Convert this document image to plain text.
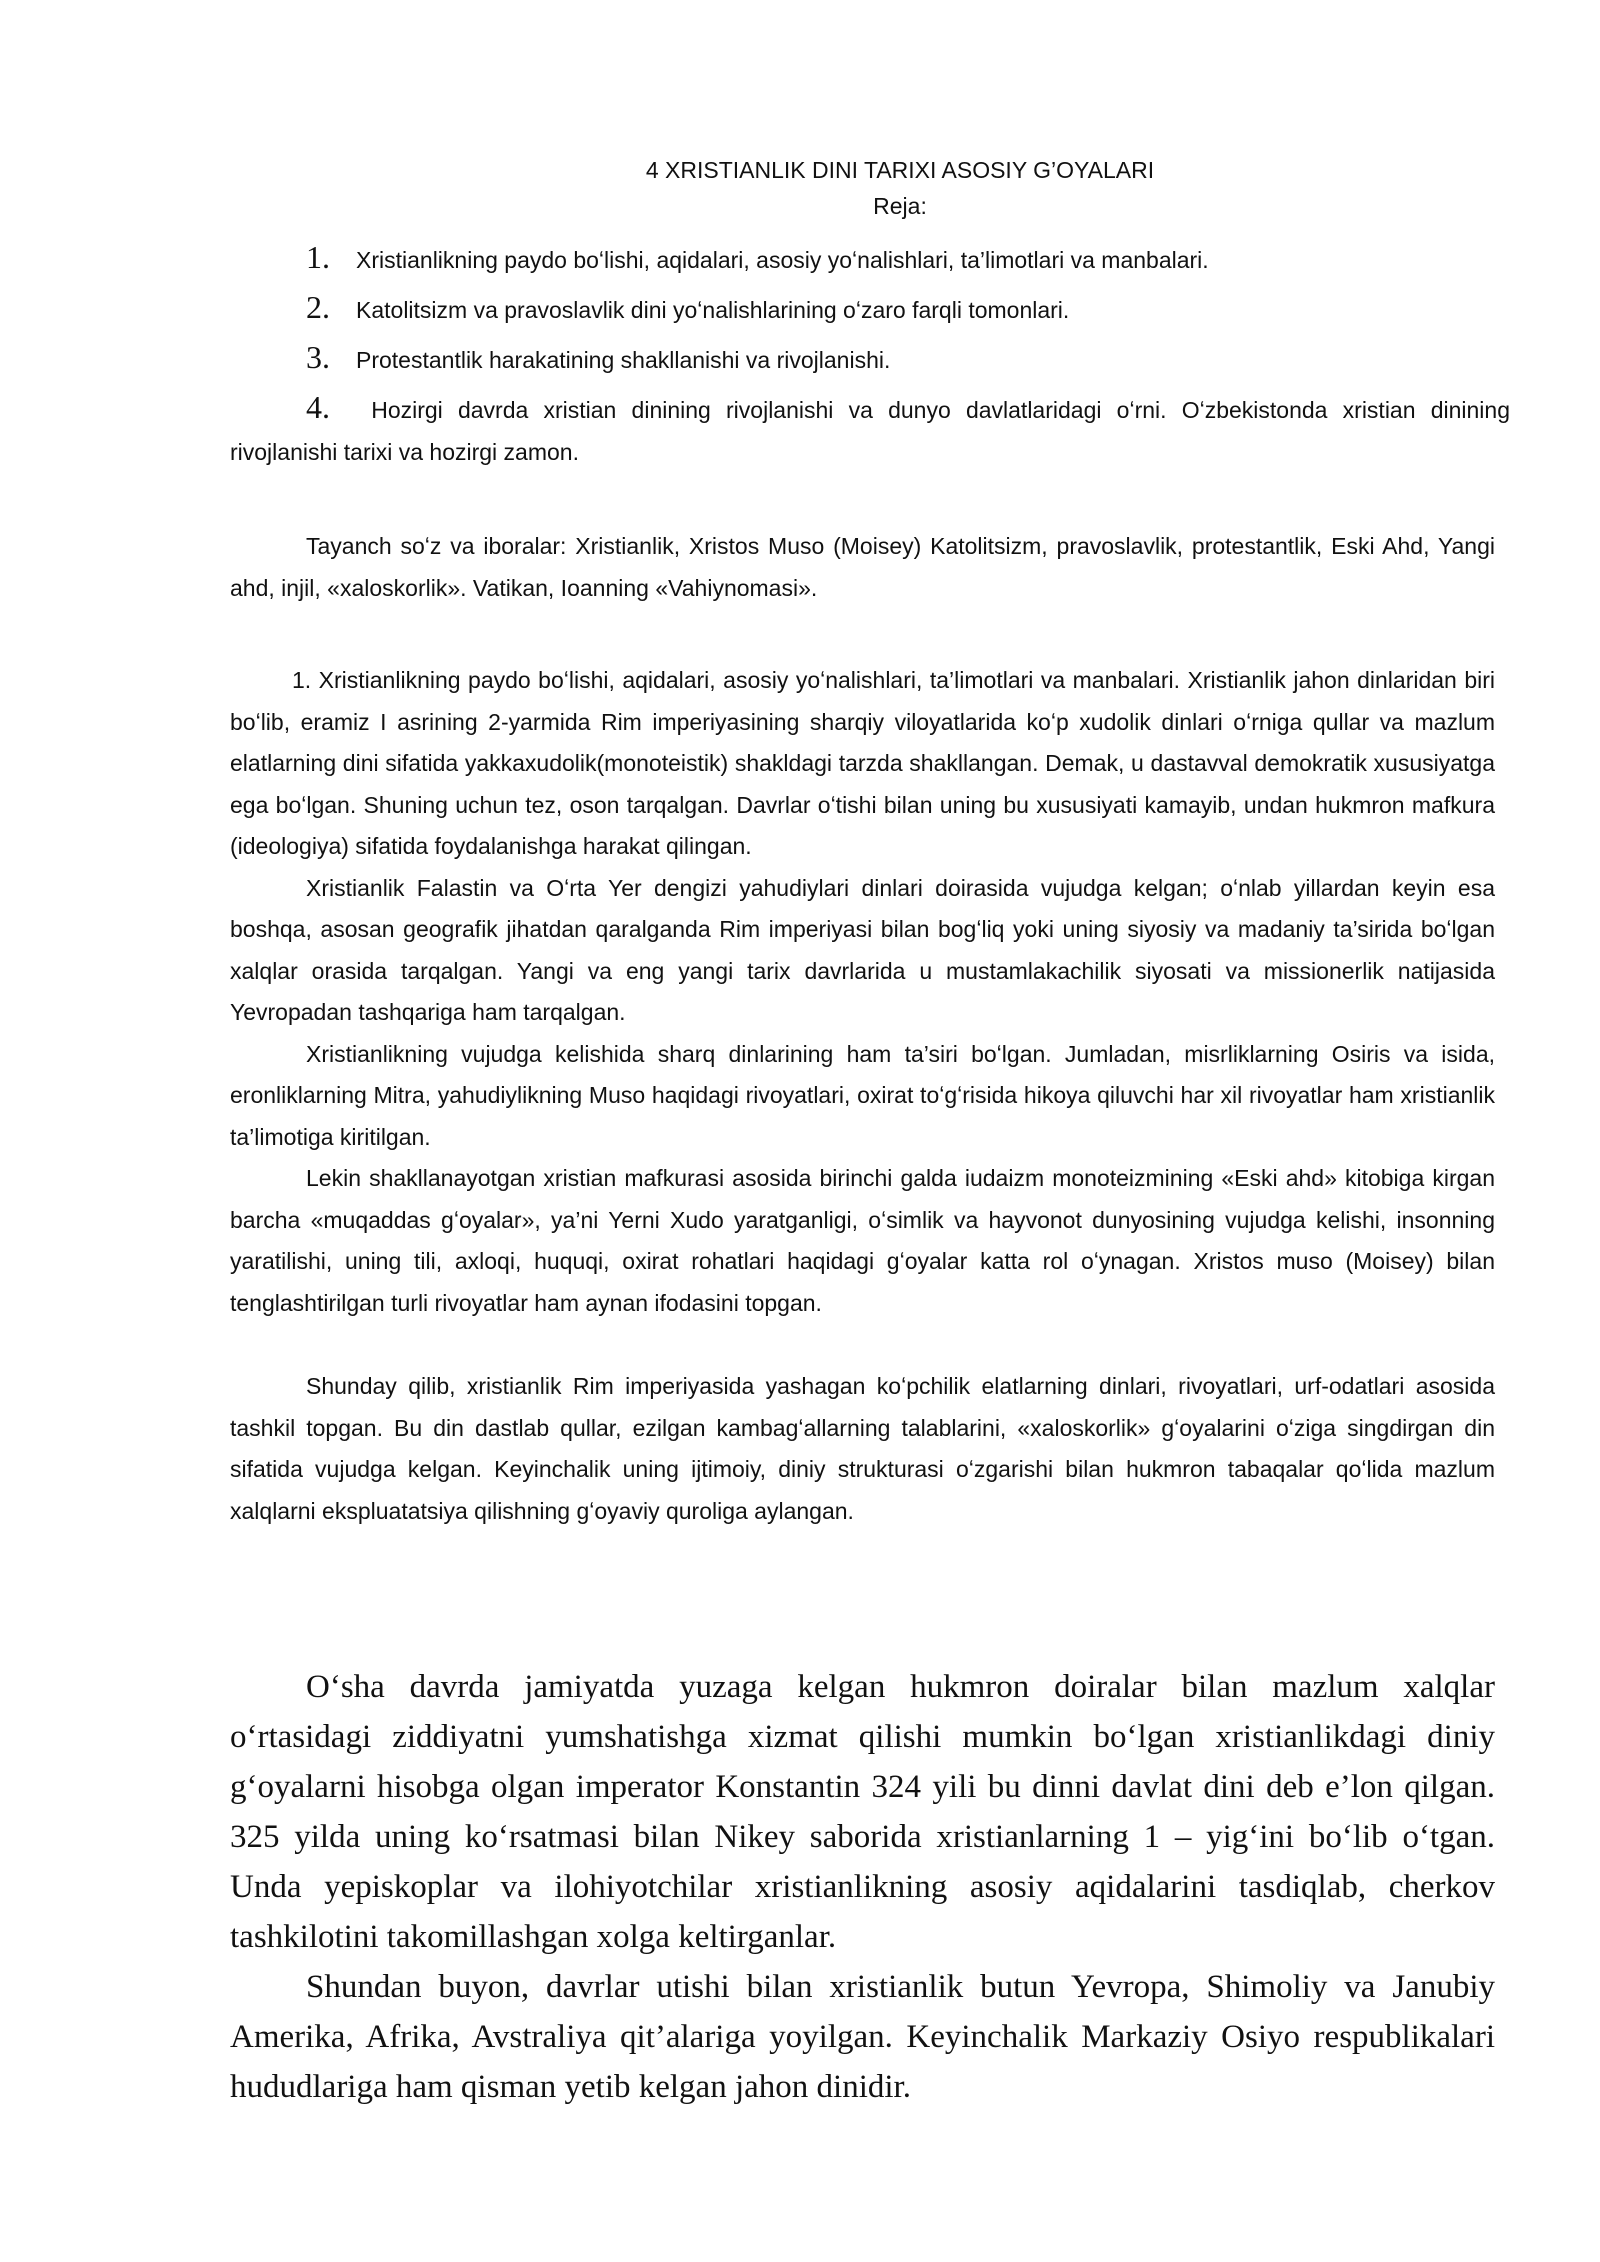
4 XRISTIANLIK DINI TARIXI ASOSIY G’OYALARI
Reja:
1.	Xristianlikning paydo boʻlishi, aqidalari, asosiy yoʻnalishlari, ta’limotlari va manbalari.
2.	Katolitsizm va pravoslavlik dini yoʻnalishlarining oʻzaro farqli tomonlari.
3.	Protestantlik harakatining shakllanishi va rivojlanishi.
4. Hozirgi davrda xristian dinining rivojlanishi va dunyo davlatlaridagi oʻrni. Oʻzbekistonda xristian dinining rivojlanishi tarixi va hozirgi zamon.

Tayanch soʻz va iboralar: Xristianlik, Xristos Muso (Moisey) Katolitsizm, pravoslavlik, protestantlik, Eski Ahd, Yangi ahd, injil, «xaloskorlik». Vatikan, Ioanning «Vahiynomasi».

1. Xristianlikning paydo boʻlishi, aqidalari, asosiy yoʻnalishlari, ta’limotlari va manbalari. Xristianlik jahon dinlaridan biri boʻlib, eramiz I asrining 2-yarmida Rim imperiyasining sharqiy viloyatlarida koʻp xudolik dinlari oʻrniga qullar va mazlum elatlarning dini sifatida yakkaxudolik(monoteistik) shakldagi tarzda shakllangan. Demak, u dastavval demokratik xususiyatga ega boʻlgan. Shuning uchun tez, oson tarqalgan. Davrlar oʻtishi bilan uning bu xususiyati kamayib, undan hukmron mafkura (ideologiya) sifatida foydalanishga harakat qilingan.

Xristianlik Falastin va Oʻrta Yer dengizi yahudiylari dinlari doirasida vujudga kelgan; oʻnlab yillardan keyin esa boshqa, asosan geografik jihatdan qaralganda Rim imperiyasi bilan bogʻliq yoki uning siyosiy va madaniy ta’sirida boʻlgan xalqlar orasida tarqalgan. Yangi va eng yangi tarix davrlarida u mustamlakachilik siyosati va missionerlik natijasida Yevropadan tashqariga ham tarqalgan.

Xristianlikning vujudga kelishida sharq dinlarining ham ta’siri boʻlgan. Jumladan, misrliklarning Osiris va isida, eronliklarning Mitra, yahudiylikning Muso haqidagi rivoyatlari, oxirat toʻgʻrisida hikoya qiluvchi har xil rivoyatlar ham xristianlik ta’limotiga kiritilgan.

Lekin shakllanayotgan xristian mafkurasi asosida birinchi galda iudaizm monoteizmining «Eski ahd» kitobiga kirgan barcha «muqaddas gʻoyalar», ya’ni Yerni Xudo yaratganligi, oʻsimlik va hayvonot dunyosining vujudga kelishi, insonning yaratilishi, uning tili, axloqi, huquqi, oxirat rohatlari haqidagi gʻoyalar katta rol oʻynagan. Xristos muso (Moisey) bilan tenglashtirilgan turli rivoyatlar ham aynan ifodasini topgan.

Shunday qilib, xristianlik Rim imperiyasida yashagan koʻpchilik elatlarning dinlari, rivoyatlari, urf-odatlari asosida tashkil topgan. Bu din dastlab qullar, ezilgan kambagʻallarning talablarini, «xaloskorlik» gʻoyalarini oʻziga singdirgan din sifatida vujudga kelgan. Keyinchalik uning ijtimoiy, diniy strukturasi oʻzgarishi bilan hukmron tabaqalar qoʻlida mazlum xalqlarni ekspluatatsiya qilishning gʻoyaviy quroliga aylangan.

Oʻsha davrda jamiyatda yuzaga kelgan hukmron doiralar bilan mazlum xalqlar oʻrtasidagi ziddiyatni yumshatishga xizmat qilishi mumkin boʻlgan xristianlikdagi diniy gʻoyalarni hisobga olgan imperator Konstantin 324 yili bu dinni davlat dini deb e’lon qilgan. 325 yilda uning koʻrsatmasi bilan Nikey saborida xristianlarning 1 – yigʻini boʻlib oʻtgan. Unda yepiskoplar va ilohiyotchilar xristianlikning asosiy aqidalarini tasdiqlab, cherkov tashkilotini takomillashgan xolga keltirganlar.

Shundan buyon, davrlar utishi bilan xristianlik butun Yevropa, Shimoliy va Janubiy Amerika, Afrika, Avstraliya qit’alariga yoyilgan. Keyinchalik Markaziy Osiyo respublikalari hududlariga ham qisman yetib kelgan jahon dinidir.
